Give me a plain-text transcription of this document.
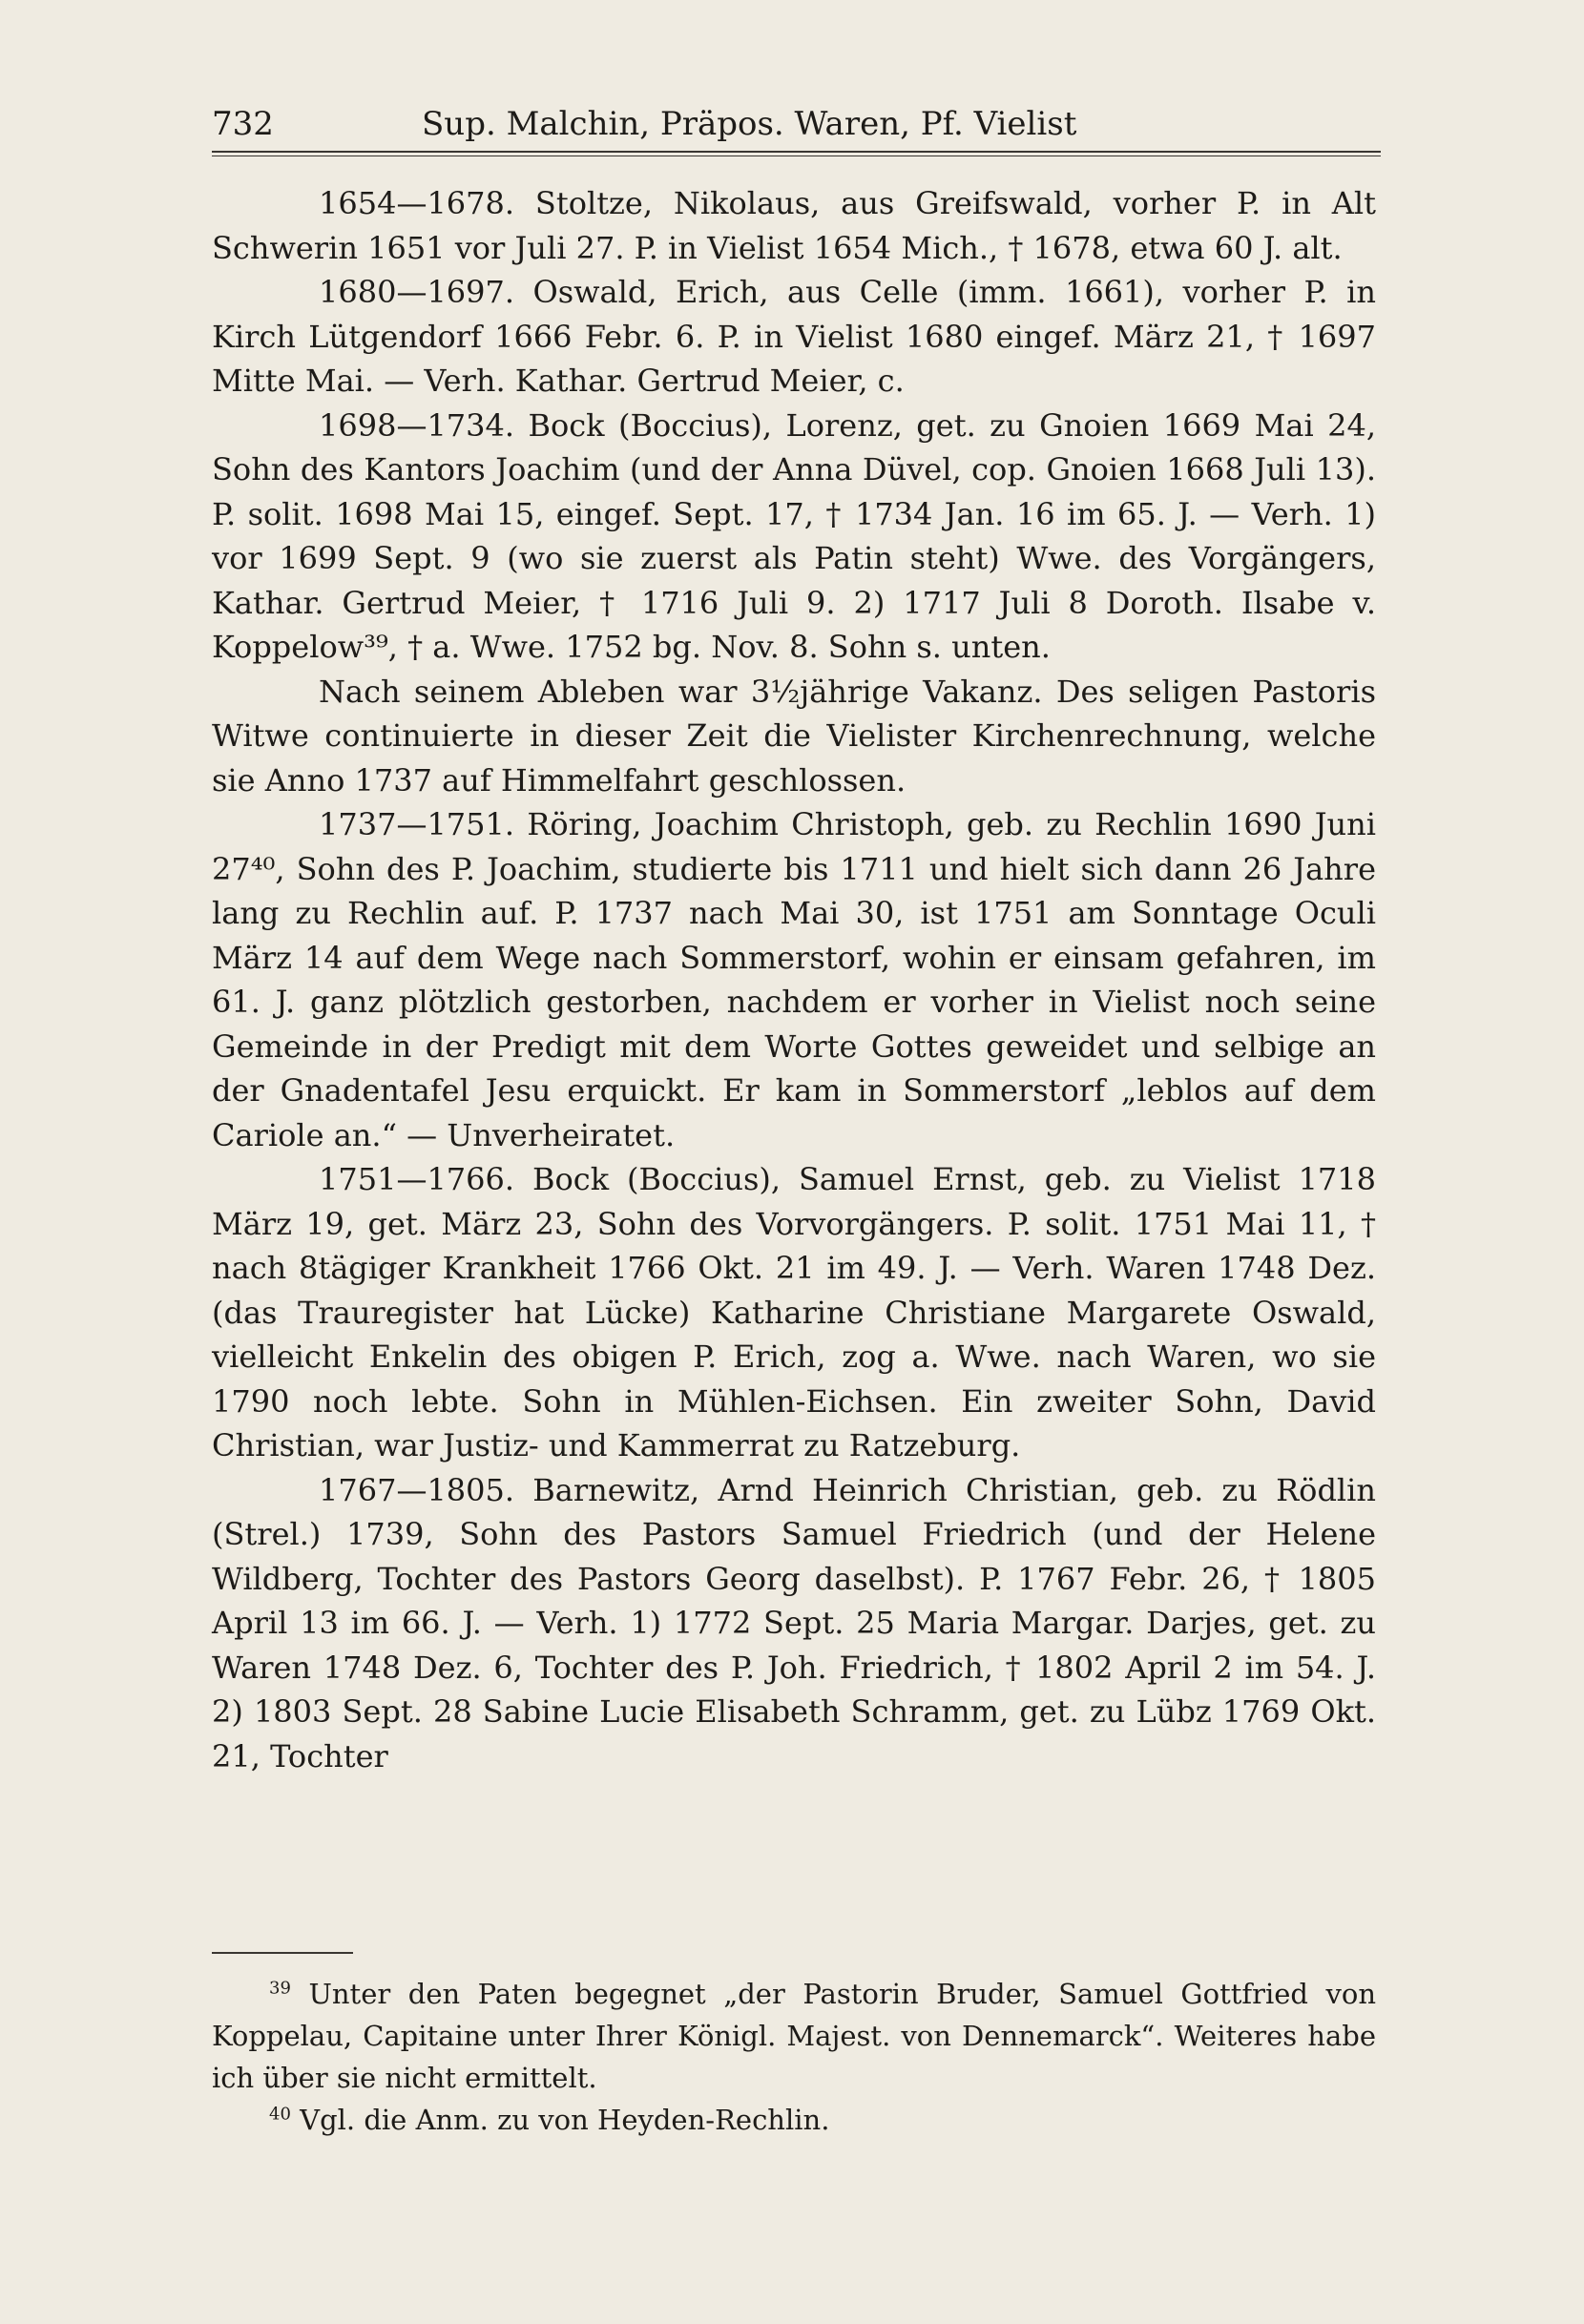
732	Sup. Malchin, Präpos. Waren, Pf. Vielist

1654—1678. Stoltze, Nikolaus, aus Greifswald, vorher P. in Alt Schwerin 1651 vor Juli 27. P. in Vielist 1654 Mich., † 1678, etwa 60 J. alt.

1680—1697. Oswald, Erich, aus Celle (imm. 1661), vorher P. in Kirch Lütgendorf 1666 Febr. 6. P. in Vielist 1680 eingef. März 21, † 1697 Mitte Mai. — Verh. Kathar. Gertrud Meier, c.

1698—1734. Bock (Boccius), Lorenz, get. zu Gnoien 1669 Mai 24, Sohn des Kantors Joachim (und der Anna Düvel, cop. Gnoien 1668 Juli 13). P. solit. 1698 Mai 15, eingef. Sept. 17, † 1734 Jan. 16 im 65. J. — Verh. 1) vor 1699 Sept. 9 (wo sie zuerst als Patin steht) Wwe. des Vorgängers, Kathar. Gertrud Meier, † 1716 Juli 9. 2) 1717 Juli 8 Doroth. Ilsabe v. Koppelow³⁹, † a. Wwe. 1752 bg. Nov. 8. Sohn s. unten.

Nach seinem Ableben war 3½jährige Vakanz. Des seligen Pastoris Witwe continuierte in dieser Zeit die Vielister Kirchenrechnung, welche sie Anno 1737 auf Himmelfahrt geschlossen.

1737—1751. Röring, Joachim Christoph, geb. zu Rechlin 1690 Juni 27⁴⁰, Sohn des P. Joachim, studierte bis 1711 und hielt sich dann 26 Jahre lang zu Rechlin auf. P. 1737 nach Mai 30, ist 1751 am Sonntage Oculi März 14 auf dem Wege nach Sommerstorf, wohin er einsam gefahren, im 61. J. ganz plötzlich gestorben, nachdem er vorher in Vielist noch seine Gemeinde in der Predigt mit dem Worte Gottes geweidet und selbige an der Gnadentafel Jesu erquickt. Er kam in Sommerstorf „leblos auf dem Cariole an.“ — Unverheiratet.

1751—1766. Bock (Boccius), Samuel Ernst, geb. zu Vielist 1718 März 19, get. März 23, Sohn des Vorvorgängers. P. solit. 1751 Mai 11, † nach 8tägiger Krankheit 1766 Okt. 21 im 49. J. — Verh. Waren 1748 Dez. (das Trauregister hat Lücke) Katharine Christiane Margarete Oswald, vielleicht Enkelin des obigen P. Erich, zog a. Wwe. nach Waren, wo sie 1790 noch lebte. Sohn in Mühlen-Eichsen. Ein zweiter Sohn, David Christian, war Justiz- und Kammerrat zu Ratzeburg.

1767—1805. Barnewitz, Arnd Heinrich Christian, geb. zu Rödlin (Strel.) 1739, Sohn des Pastors Samuel Friedrich (und der Helene Wildberg, Tochter des Pastors Georg daselbst). P. 1767 Febr. 26, † 1805 April 13 im 66. J. — Verh. 1) 1772 Sept. 25 Maria Margar. Darjes, get. zu Waren 1748 Dez. 6, Tochter des P. Joh. Friedrich, † 1802 April 2 im 54. J. 2) 1803 Sept. 28 Sabine Lucie Elisabeth Schramm, get. zu Lübz 1769 Okt. 21, Tochter

$^{39}$ Unter den Paten begegnet „der Pastorin Bruder, Samuel Gottfried von Koppelau, Capitaine unter Ihrer Königl. Majest. von Dennemarck“. Weiteres habe ich über sie nicht ermittelt.

$^{40}$ Vgl. die Anm. zu von Heyden-Rechlin.
